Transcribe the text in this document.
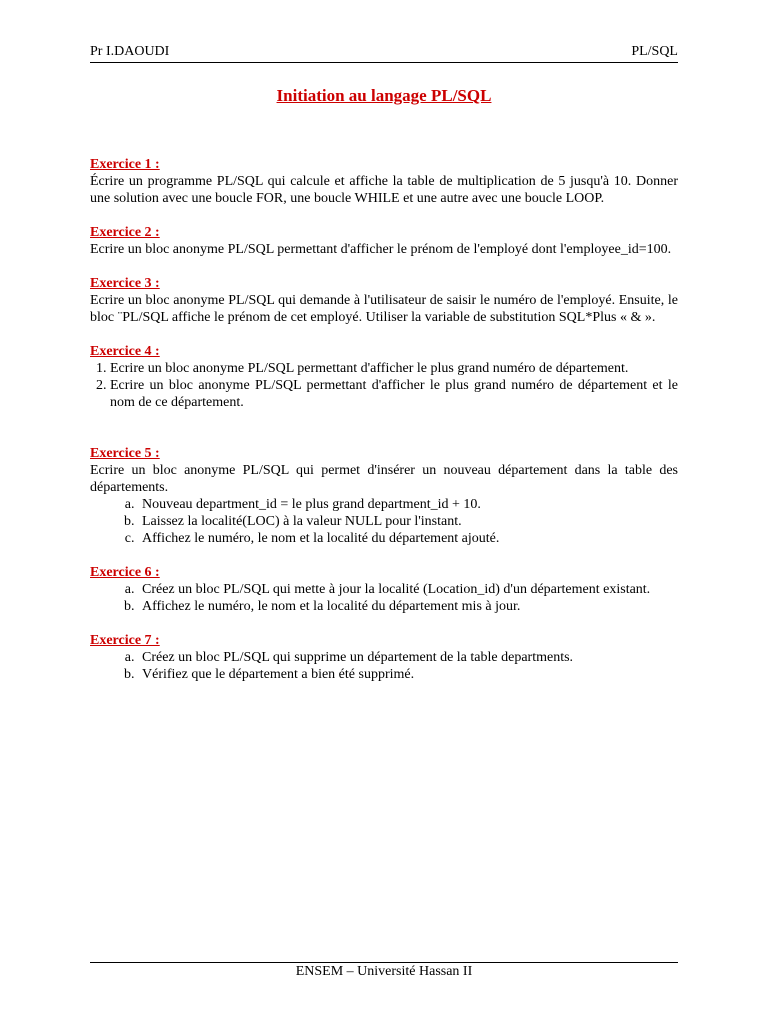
Pr I.DAOUDI	PL/SQL
Initiation au langage PL/SQL
Exercice 1 :
Écrire un programme PL/SQL qui calcule et affiche la table de multiplication de 5 jusqu'à 10. Donner une solution avec une boucle FOR, une boucle WHILE et une autre avec une boucle LOOP.
Exercice 2 :
Ecrire un bloc anonyme PL/SQL permettant d'afficher le prénom de l'employé dont l'employee_id=100.
Exercice 3 :
Ecrire un bloc anonyme PL/SQL qui demande à l'utilisateur de saisir le numéro de l'employé. Ensuite, le bloc ¨PL/SQL affiche le prénom de cet employé. Utiliser la variable de substitution SQL*Plus « & ».
Exercice 4 :
1. Ecrire un bloc anonyme PL/SQL permettant d'afficher le plus grand numéro de département.
2. Ecrire un bloc anonyme PL/SQL permettant d'afficher le plus grand numéro de département et le nom de ce département.
Exercice 5 :
Ecrire un bloc anonyme PL/SQL qui permet d'insérer un nouveau département dans la table des départements.
a. Nouveau department_id = le plus grand department_id + 10.
b. Laissez la localité(LOC) à la valeur NULL pour l'instant.
c. Affichez le numéro, le nom et la localité du département ajouté.
Exercice 6 :
a. Créez un bloc PL/SQL qui mette à jour la localité (Location_id) d'un département existant.
b. Affichez le numéro, le nom et la localité du département mis à jour.
Exercice 7 :
a. Créez un bloc PL/SQL qui supprime un département de la table departments.
b. Vérifiez que le département a bien été supprimé.
ENSEM – Université Hassan II
